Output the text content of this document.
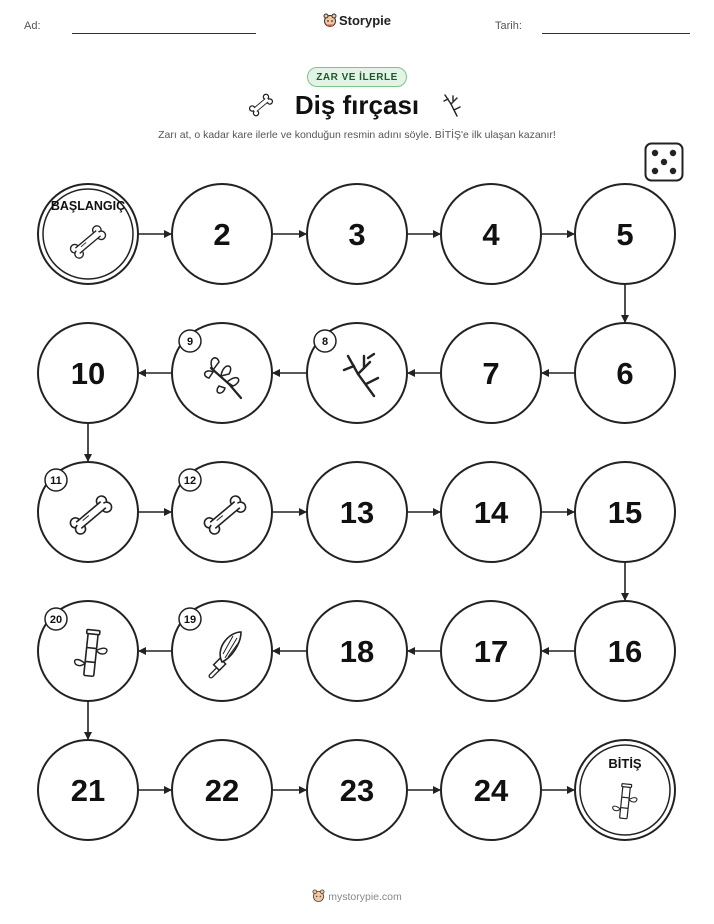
Ad:	Tarih:
Storypie
ZAR VE İLERLE
Diş fırçası
Zarı at, o kadar kare ilerle ve konduğun resmin adını söyle. BİTİŞ'e ilk ulaşan kazanır!
BAŞLANGIÇ
2	3	4	5
6
7
8
9
10
11	12
13	14	15
16
17
18
19
20
21	22	23	24
BİTİŞ
mystorypie.com
